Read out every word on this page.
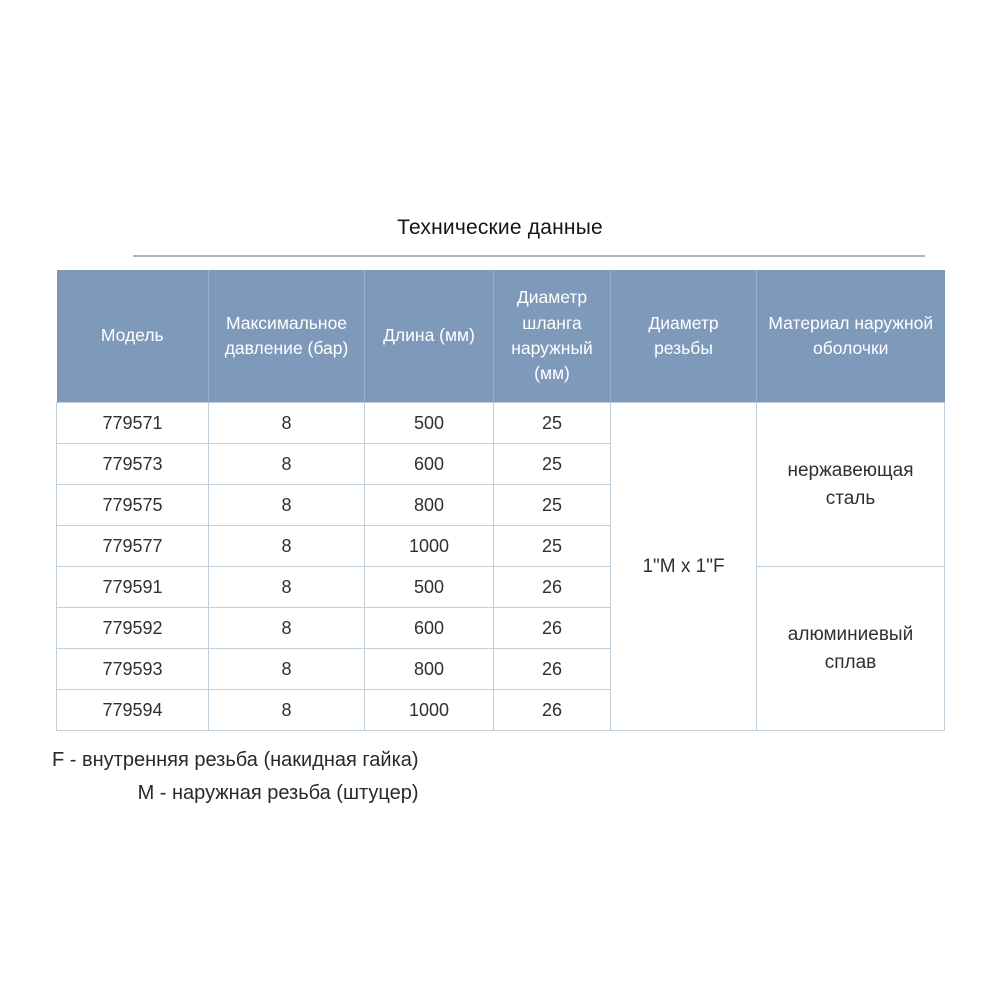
Технические данные
Модель	Максимальное давление (бар)	Длина (мм)	Диаметр шланга наружный (мм)	Диаметр резьбы	Материал наружной оболочки
779571	8	500	25	1"M x 1"F	нержавеющая сталь
779573	8	600	25		
779575	8	800	25		
779577	8	1000	25		
779591	8	500	26		алюминиевый сплав
779592	8	600	26		
779593	8	800	26		
779594	8	1000	26		
F - внутренняя резьба (накидная гайка)
М - наружная резьба (штуцер)
